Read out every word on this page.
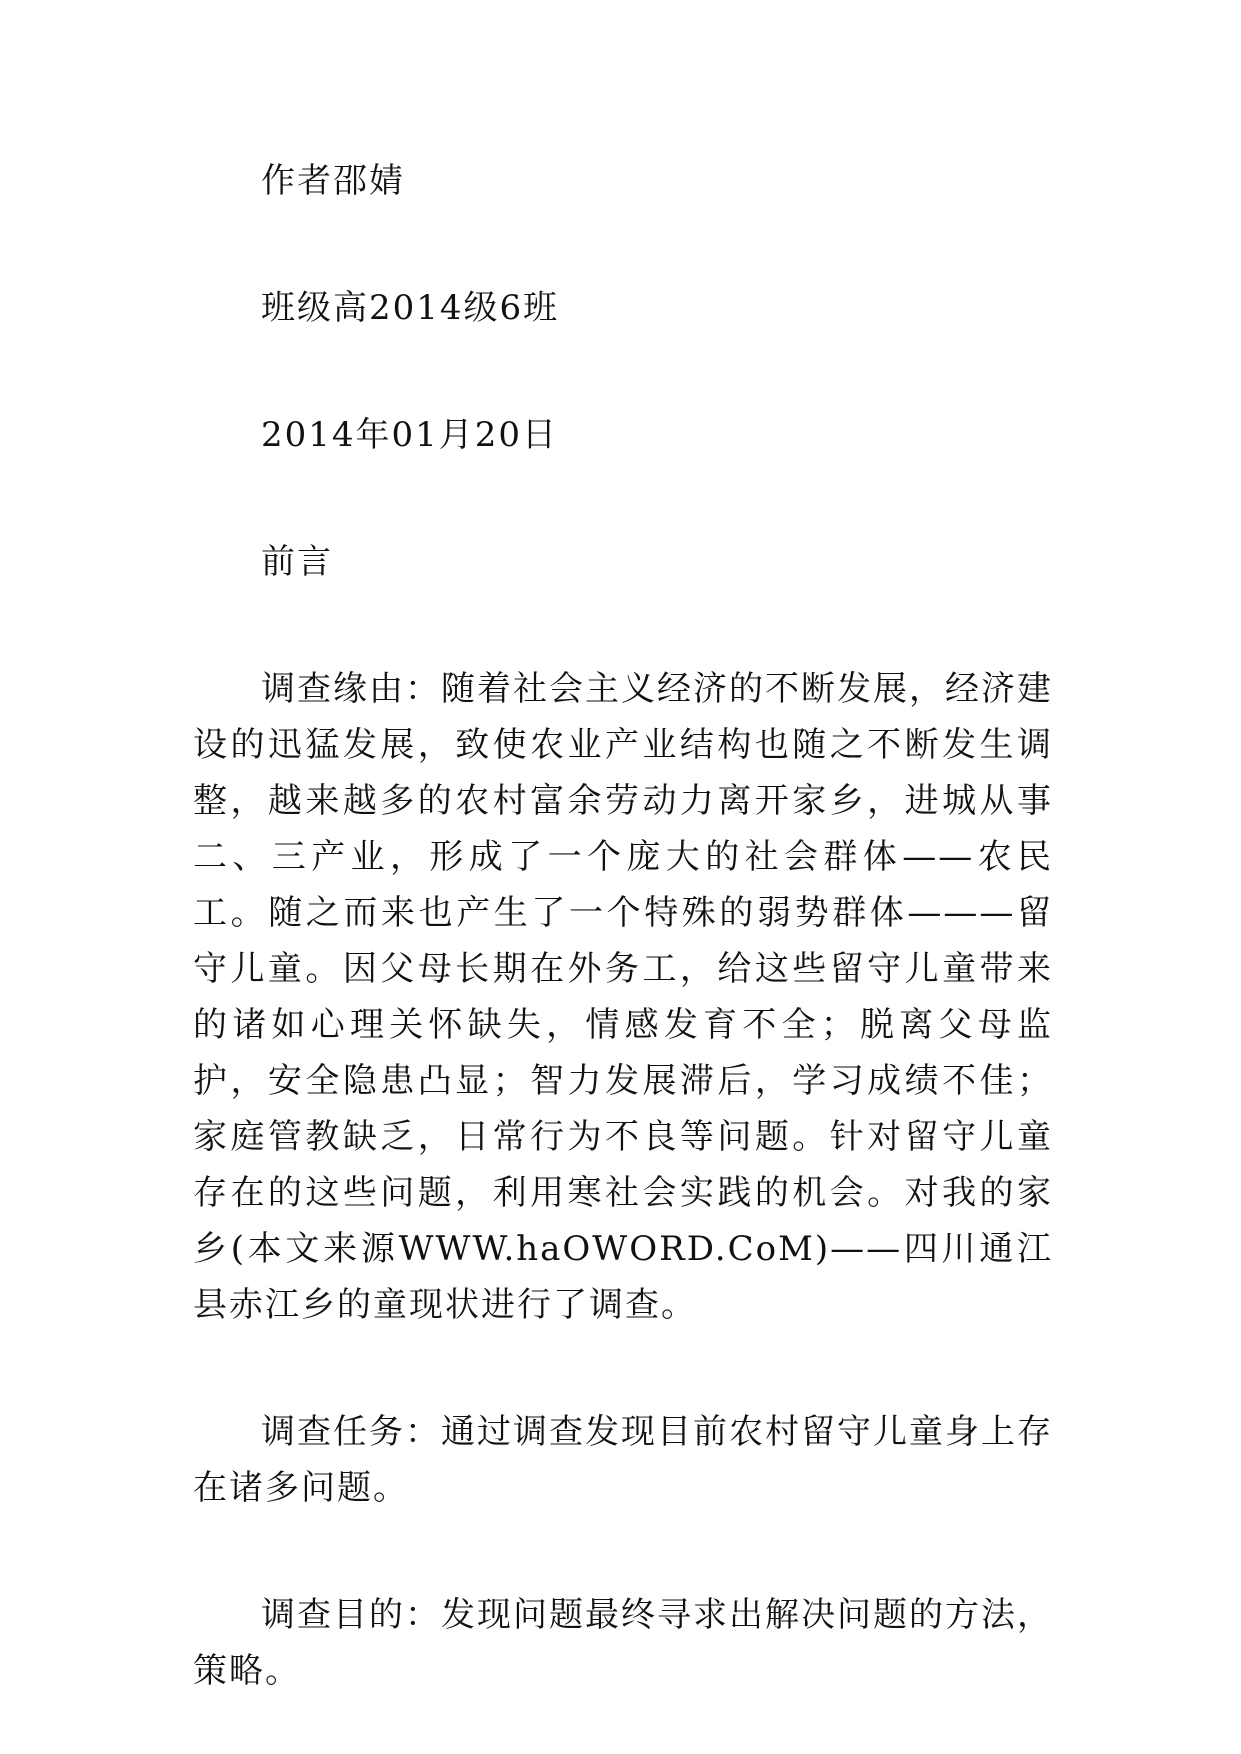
作者邵婧

班级高2014级6班

2014年01月20日

前言

调查缘由：随着社会主义经济的不断发展，经济建设的迅猛发展，致使农业产业结构也随之不断发生调整，越来越多的农村富余劳动力离开家乡，进城从事二、三产业，形成了一个庞大的社会群体——农民工。随之而来也产生了一个特殊的弱势群体———留守儿童。因父母长期在外务工，给这些留守儿童带来的诸如心理关怀缺失，情感发育不全；脱离父母监护，安全隐患凸显；智力发展滞后，学习成绩不佳；家庭管教缺乏，日常行为不良等问题。针对留守儿童存在的这些问题，利用寒社会实践的机会。对我的家乡(本文来源WWW.haOWORD.CoM)——四川通江县赤江乡的童现状进行了调查。

调查任务：通过调查发现目前农村留守儿童身上存在诸多问题。

调查目的：发现问题最终寻求出解决问题的方法，策略。
